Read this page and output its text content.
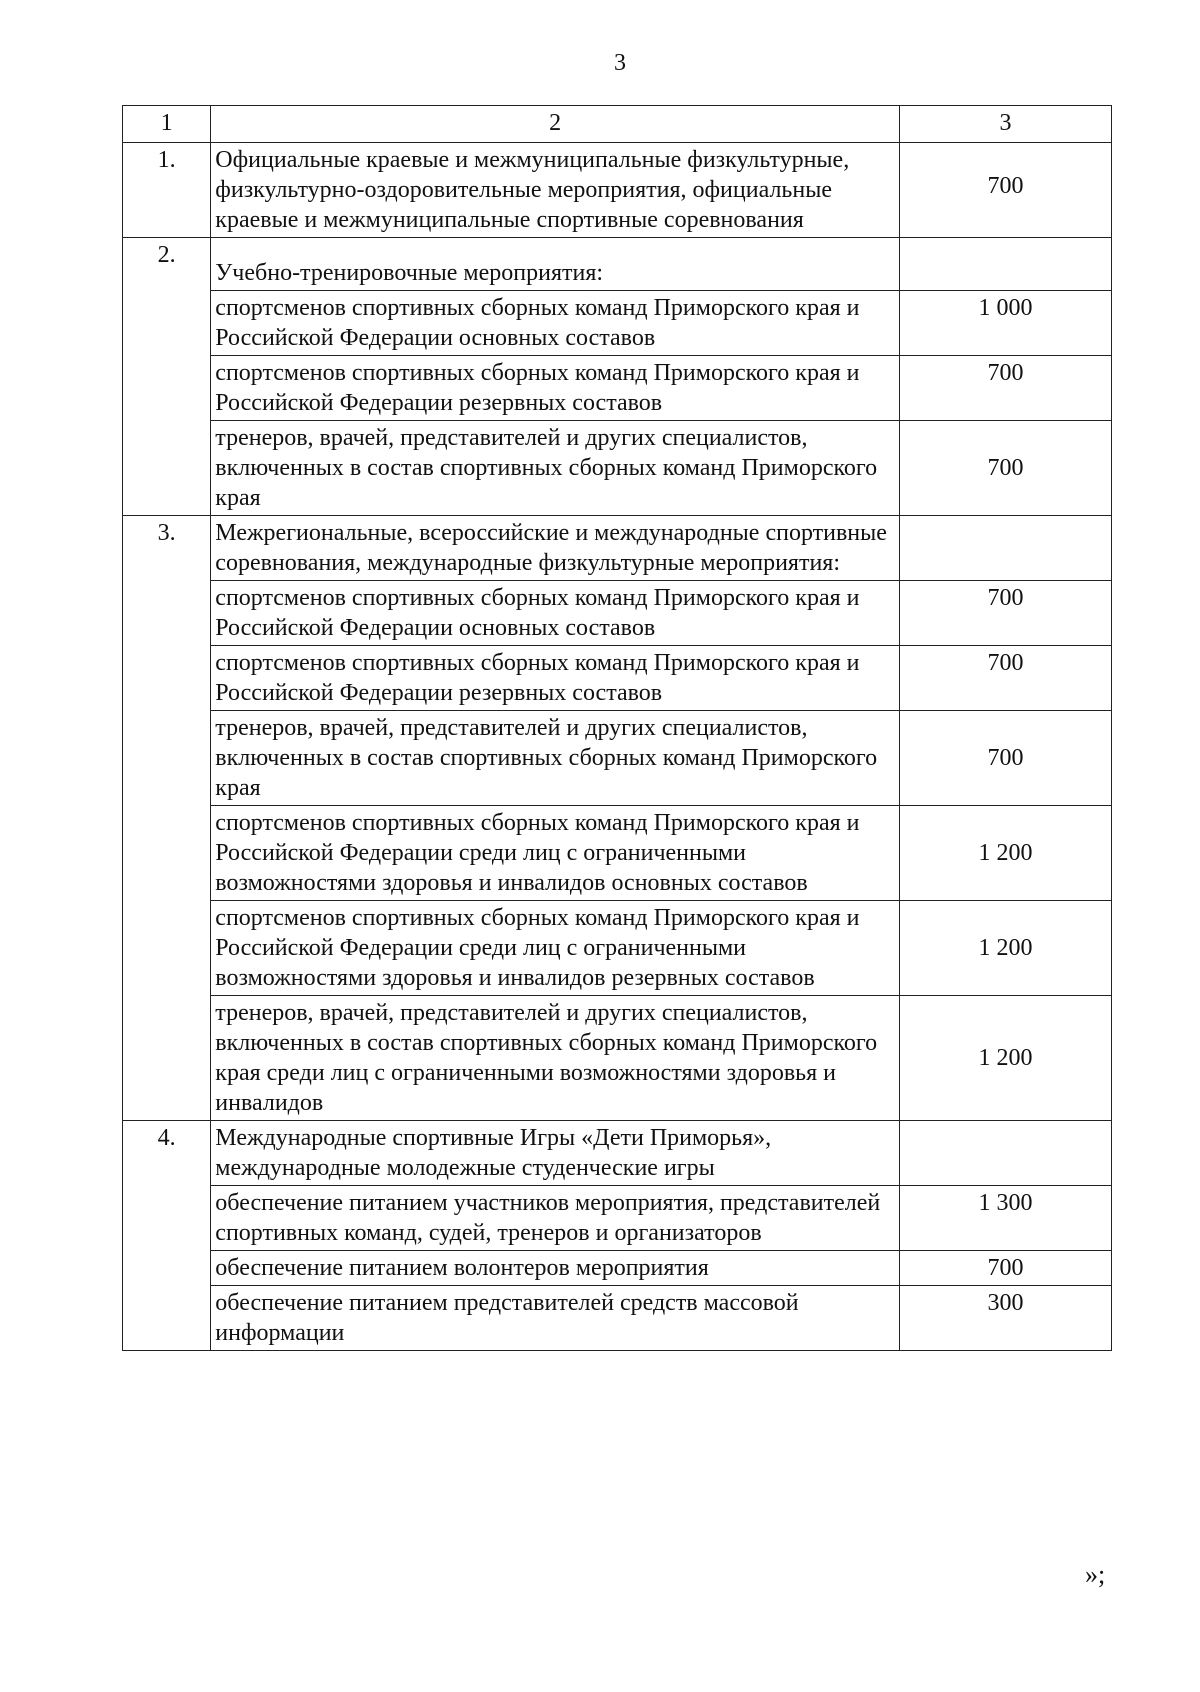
3
1	2	3
1.	Официальные краевые и межмуниципальные физкультурные, физкультурно-оздоровительные мероприятия, официальные краевые и межмуниципальные спортивные соревнования	700
2.	Учебно-тренировочные мероприятия:	
	спортсменов спортивных сборных команд Приморского края и Российской Федерации основных составов	1 000
	спортсменов спортивных сборных команд Приморского края и Российской Федерации резервных составов	700
	тренеров, врачей, представителей и других специалистов, включенных в состав спортивных сборных команд Приморского края	700
3.	Межрегиональные, всероссийские и международные спортивные соревнования, международные физкультурные мероприятия:	
	спортсменов спортивных сборных команд Приморского края и Российской Федерации основных составов	700
	спортсменов спортивных сборных команд Приморского края и Российской Федерации резервных составов	700
	тренеров, врачей, представителей и других специалистов, включенных в состав спортивных сборных команд Приморского края	700
	спортсменов спортивных сборных команд Приморского края и Российской Федерации среди лиц с ограниченными возможностями здоровья и инвалидов основных составов	1 200
	спортсменов спортивных сборных команд Приморского края и Российской Федерации среди лиц с ограниченными возможностями здоровья и инвалидов резервных составов	1 200
	тренеров, врачей, представителей и других специалистов, включенных в состав спортивных сборных команд Приморского края среди лиц с ограниченными возможностями здоровья и инвалидов	1 200
4.	Международные спортивные Игры «Дети Приморья», международные молодежные студенческие игры	
	обеспечение питанием участников мероприятия, представителей спортивных команд, судей, тренеров и организаторов	1 300
	обеспечение питанием волонтеров мероприятия	700
	обеспечение питанием представителей средств массовой информации	300
»;
